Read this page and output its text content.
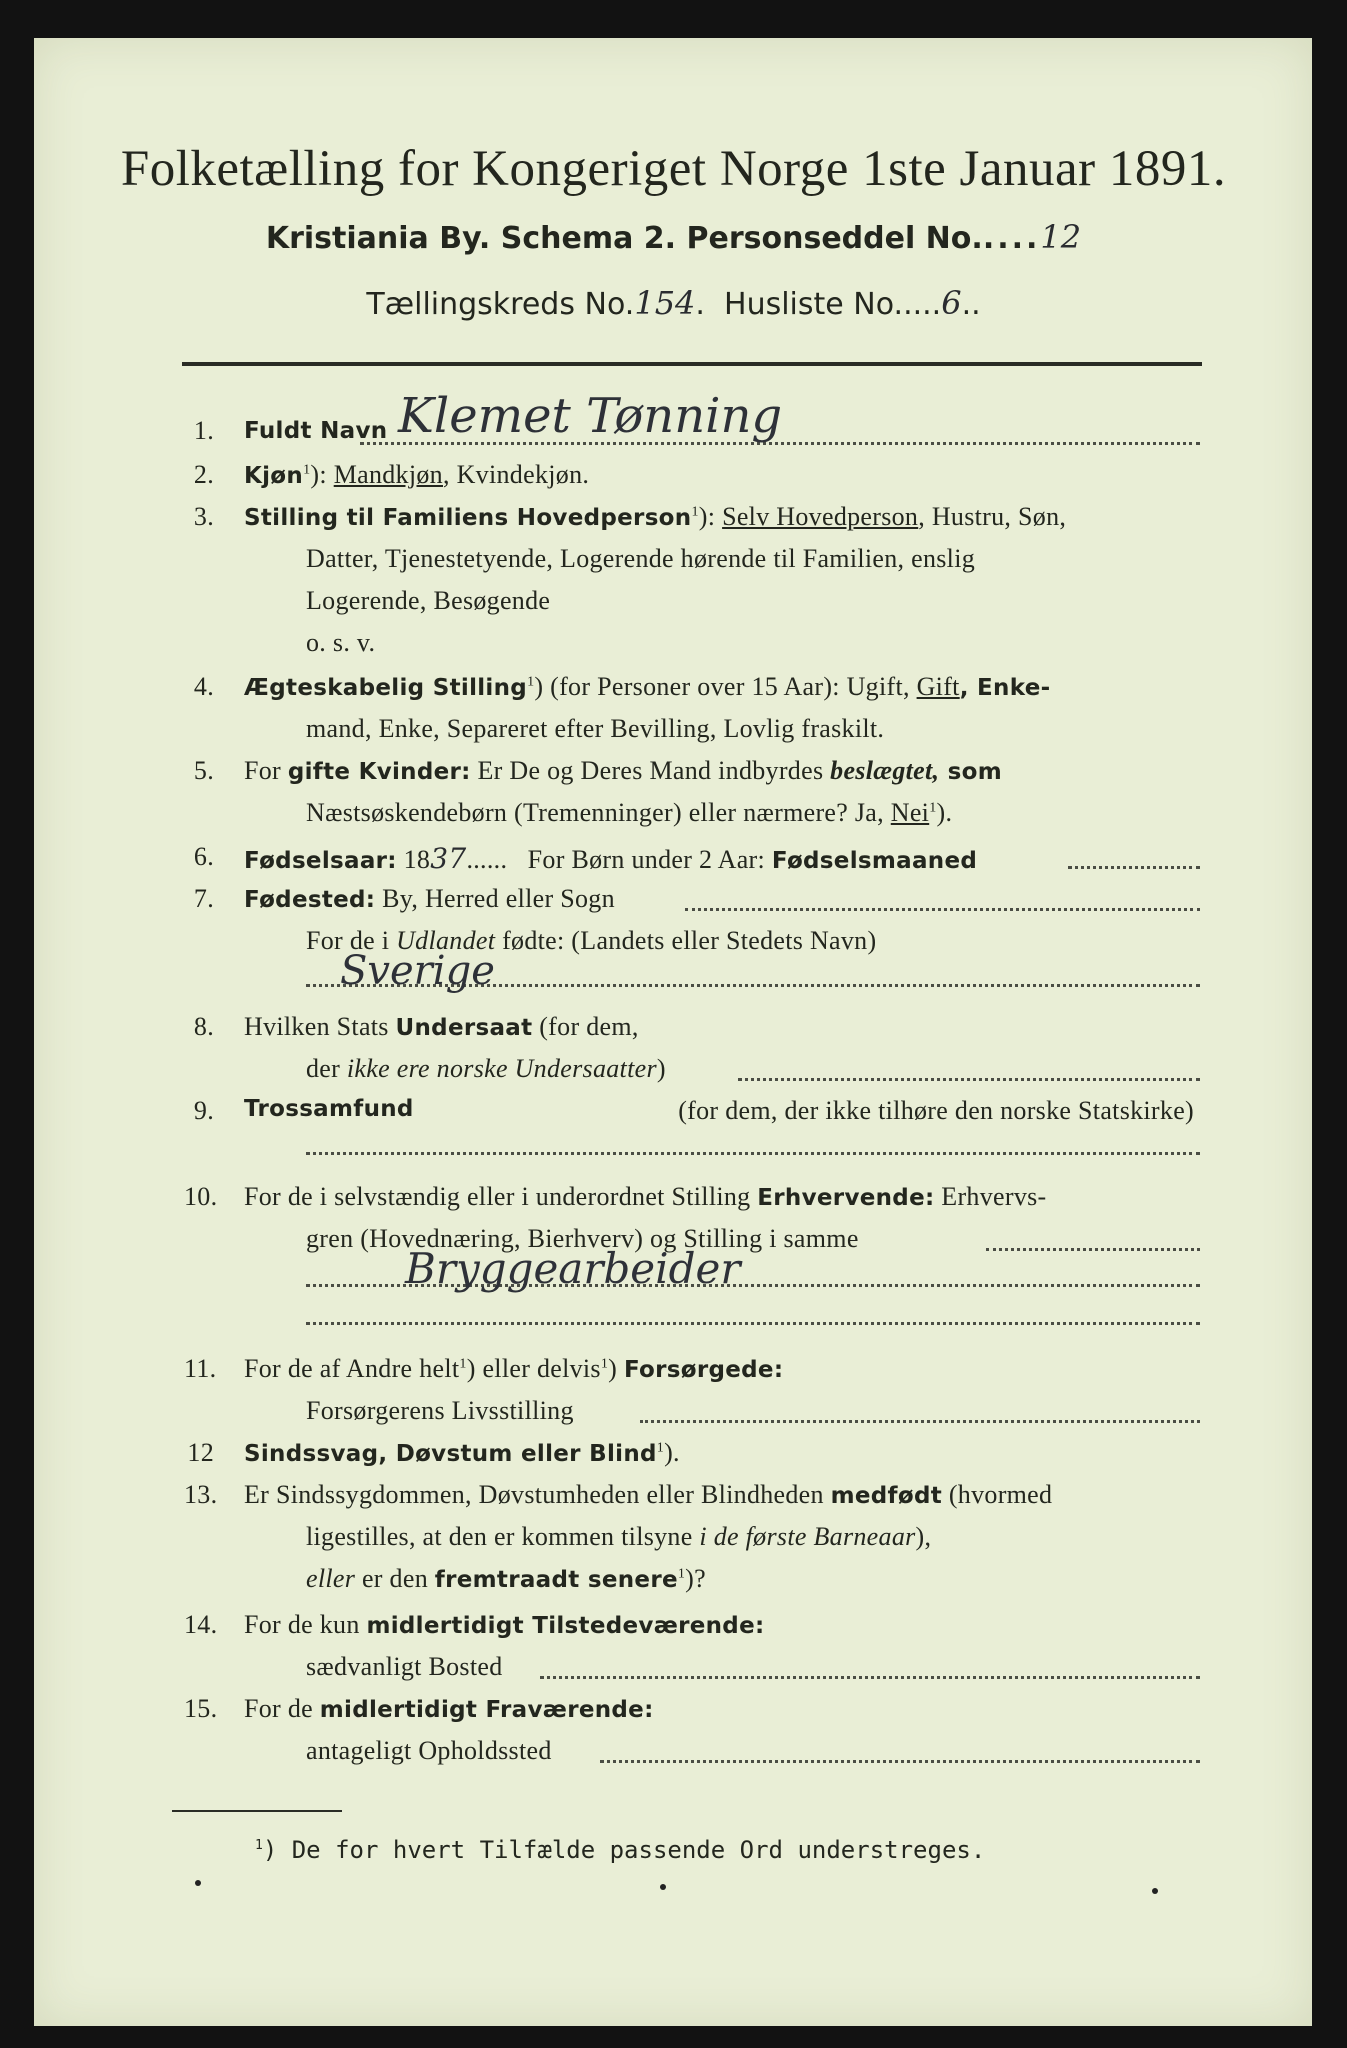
Folketælling for Kongeriget Norge 1ste Januar 1891.
Kristiania By. Schema 2. Personseddel No.....12
Tællingskreds No.154.  Husliste No.....6..
1.
2.
3.
4.
5.
6.
7.
8.
9.
10.
11.
12
13.
14.
15.
Fuldt Navn Klemet Tønning
Kjøn$^1$): Mandkjøn, Kvindekjøn.
Stilling til Familiens Hovedperson$^1$): Selv Hovedperson, Hustru, Søn,
Datter, Tjenestetyende, Logerende hørende til Familien, enslig
Logerende, Besøgende
o. s. v.
Ægteskabelig Stilling$^1$) (for Personer over 15 Aar): Ugift, Gift, Enke-
mand, Enke, Separeret efter Bevilling, Lovlig fraskilt.
For gifte Kvinder: Er De og Deres Mand indbyrdes beslægtet, som
Næstsøskendebørn (Tremenninger) eller nærmere? Ja, Nei$^1$).
Fødselsaar: 1837......   For Børn under 2 Aar: Fødselsmaaned
Fødested: By, Herred eller Sogn
For de i Udlandet fødte: (Landets eller Stedets Navn)
Sverige
Hvilken Stats Undersaat (for dem,
der ikke ere norske Undersaatter)
Trossamfund	(for dem, der ikke tilhøre den norske Statskirke)
For de i selvstændig eller i underordnet Stilling Erhvervende: Erhvervs-
gren (Hovednæring, Bierhverv) og Stilling i samme
Bryggearbeider
For de af Andre helt$^1$) eller delvis$^1$) Forsørgede:
Forsørgerens Livsstilling
Sindssvag, Døvstum eller Blind$^1$).
Er Sindssygdommen, Døvstumheden eller Blindheden medfødt (hvormed
ligestilles, at den er kommen tilsyne i de første Barneaar),
eller er den fremtraadt senere$^1$)?
For de kun midlertidigt Tilstedeværende:
sædvanligt Bosted
For de midlertidigt Fraværende:
antageligt Opholdssted
$^1$) De for hvert Tilfælde passende Ord understreges.
